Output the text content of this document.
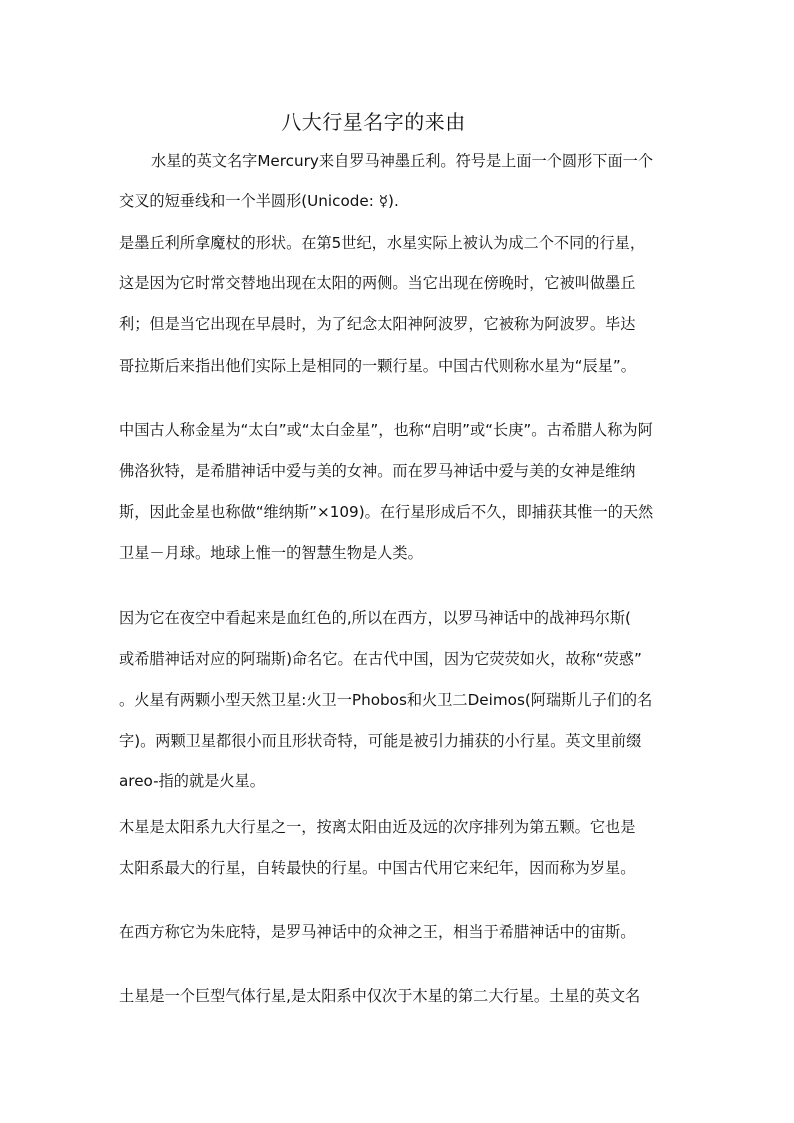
八大行星名字的来由
水星的英文名字Mercury来自罗马神墨丘利。符号是上面一个圆形下面一个
交叉的短垂线和一个半圆形(Unicode: ☿).
是墨丘利所拿魔杖的形状。在第5世纪，水星实际上被认为成二个不同的行星，
这是因为它时常交替地出现在太阳的两侧。当它出现在傍晚时，它被叫做墨丘
利；但是当它出现在早晨时，为了纪念太阳神阿波罗，它被称为阿波罗。毕达
哥拉斯后来指出他们实际上是相同的一颗行星。中国古代则称水星为“辰星”。
中国古人称金星为“太白”或“太白金星”，也称“启明”或“长庚”。古希腊人称为阿
佛洛狄特，是希腊神话中爱与美的女神。而在罗马神话中爱与美的女神是维纳
斯，因此金星也称做“维纳斯”×109)。在行星形成后不久，即捕获其惟一的天然
卫星－月球。地球上惟一的智慧生物是人类。
因为它在夜空中看起来是血红色的,所以在西方，以罗马神话中的战神玛尔斯(
或希腊神话对应的阿瑞斯)命名它。在古代中国，因为它荧荧如火，故称“荧惑”
。火星有两颗小型天然卫星:火卫一Phobos和火卫二Deimos(阿瑞斯儿子们的名
字)。两颗卫星都很小而且形状奇特，可能是被引力捕获的小行星。英文里前缀
areo-指的就是火星。
木星是太阳系九大行星之一，按离太阳由近及远的次序排列为第五颗。它也是
太阳系最大的行星，自转最快的行星。中国古代用它来纪年，因而称为岁星。
在西方称它为朱庇特，是罗马神话中的众神之王，相当于希腊神话中的宙斯。
土星是一个巨型气体行星,是太阳系中仅次于木星的第二大行星。土星的英文名
